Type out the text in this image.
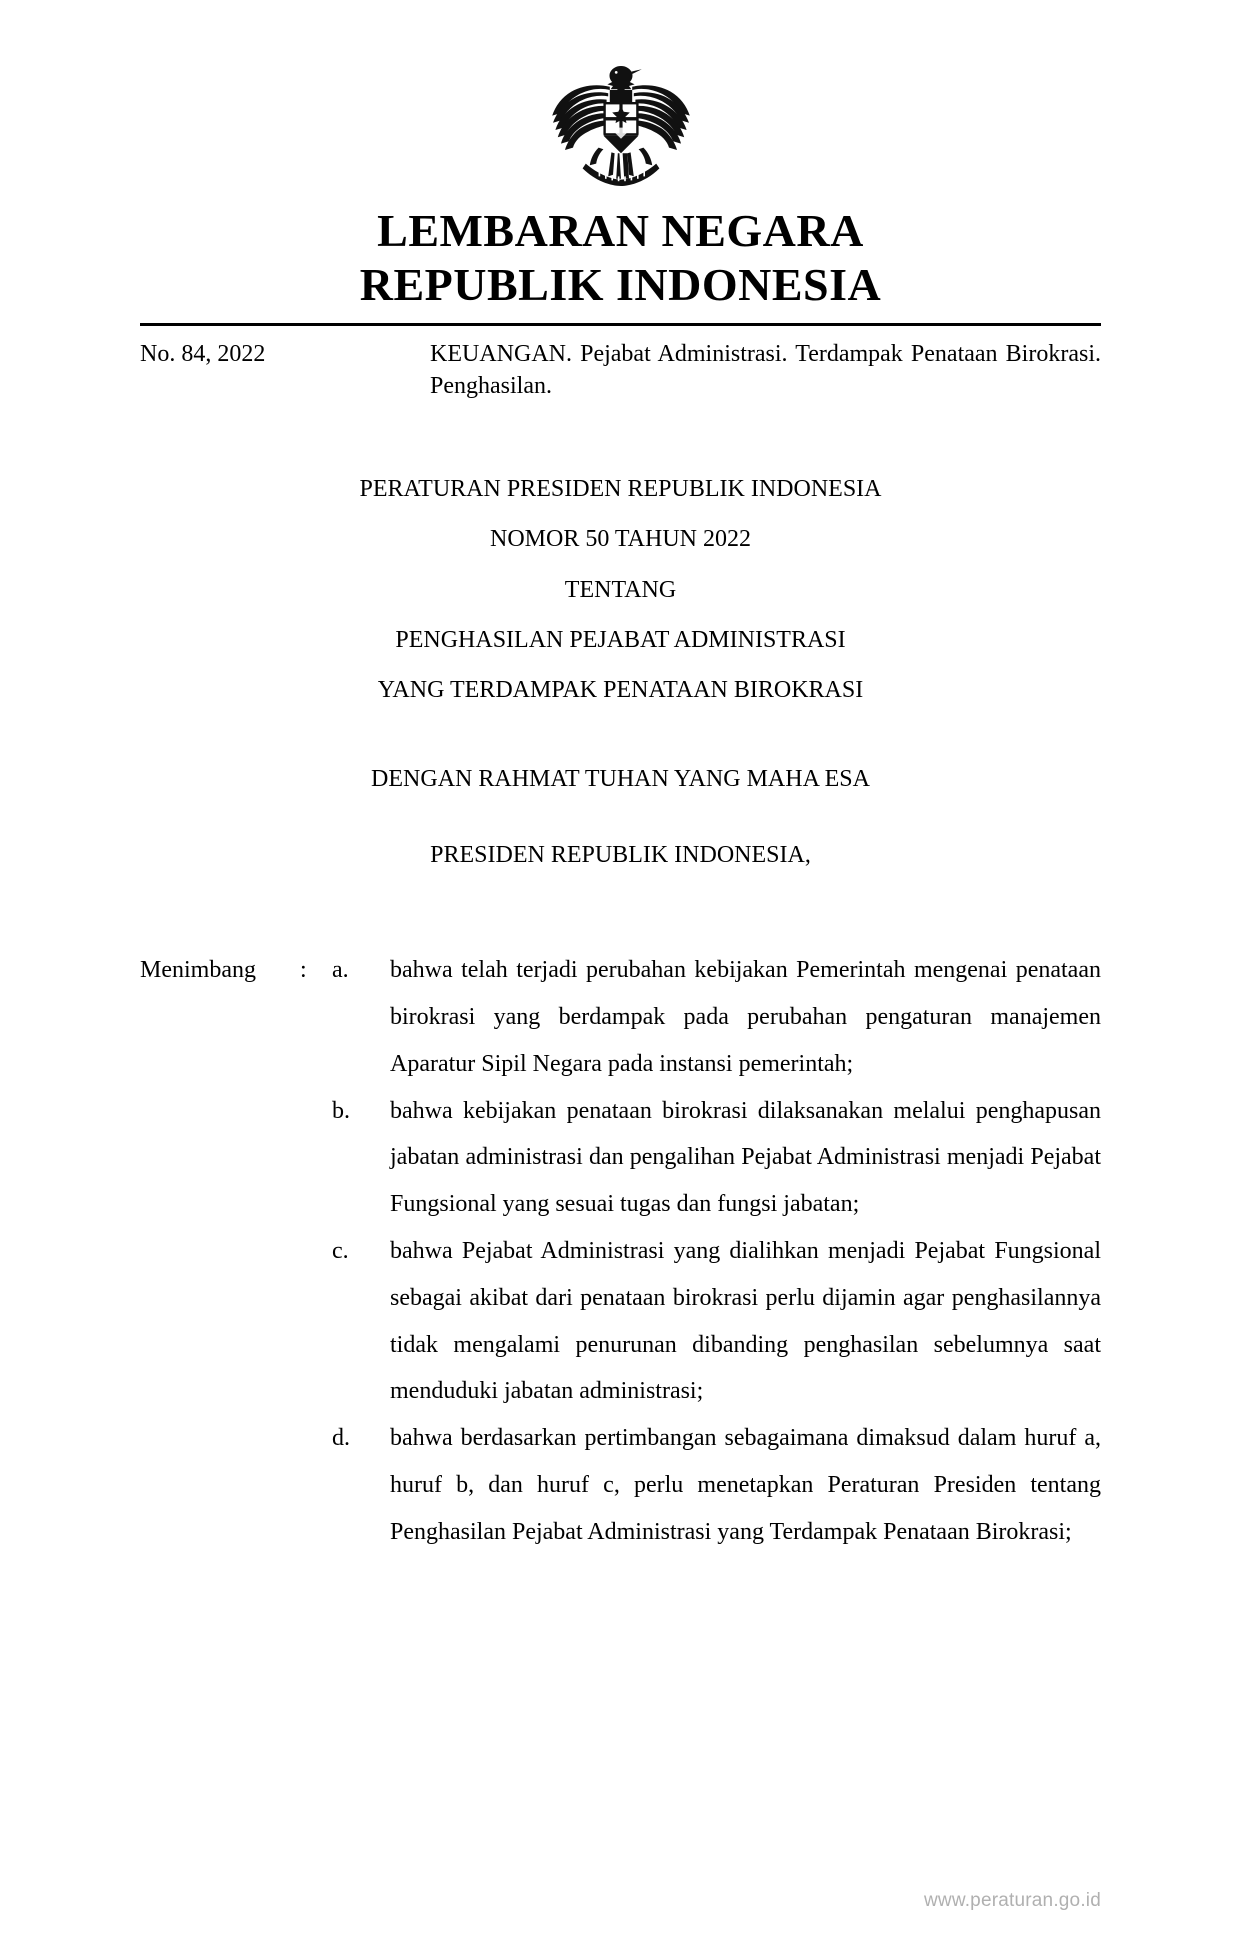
LEMBARAN NEGARA
REPUBLIK INDONESIA
No. 84, 2022	KEUANGAN. Pejabat Administrasi. Terdampak Penataan Birokrasi. Penghasilan.
PERATURAN PRESIDEN REPUBLIK INDONESIA
NOMOR 50 TAHUN 2022
TENTANG
PENGHASILAN PEJABAT ADMINISTRASI
YANG TERDAMPAK PENATAAN BIROKRASI
DENGAN RAHMAT TUHAN YANG MAHA ESA
PRESIDEN REPUBLIK INDONESIA,
Menimbang	:	a.	bahwa telah terjadi perubahan kebijakan Pemerintah mengenai penataan birokrasi yang berdampak pada perubahan pengaturan manajemen Aparatur Sipil Negara pada instansi pemerintah;
b.	bahwa kebijakan penataan birokrasi dilaksanakan melalui penghapusan jabatan administrasi dan pengalihan Pejabat Administrasi menjadi Pejabat Fungsional yang sesuai tugas dan fungsi jabatan;
c.	bahwa Pejabat Administrasi yang dialihkan menjadi Pejabat Fungsional sebagai akibat dari penataan birokrasi perlu dijamin agar penghasilannya tidak mengalami penurunan dibanding penghasilan sebelumnya saat menduduki jabatan administrasi;
d.	bahwa berdasarkan pertimbangan sebagaimana dimaksud dalam huruf a, huruf b, dan huruf c, perlu menetapkan Peraturan Presiden tentang Penghasilan Pejabat Administrasi yang Terdampak Penataan Birokrasi;
www.peraturan.go.id
